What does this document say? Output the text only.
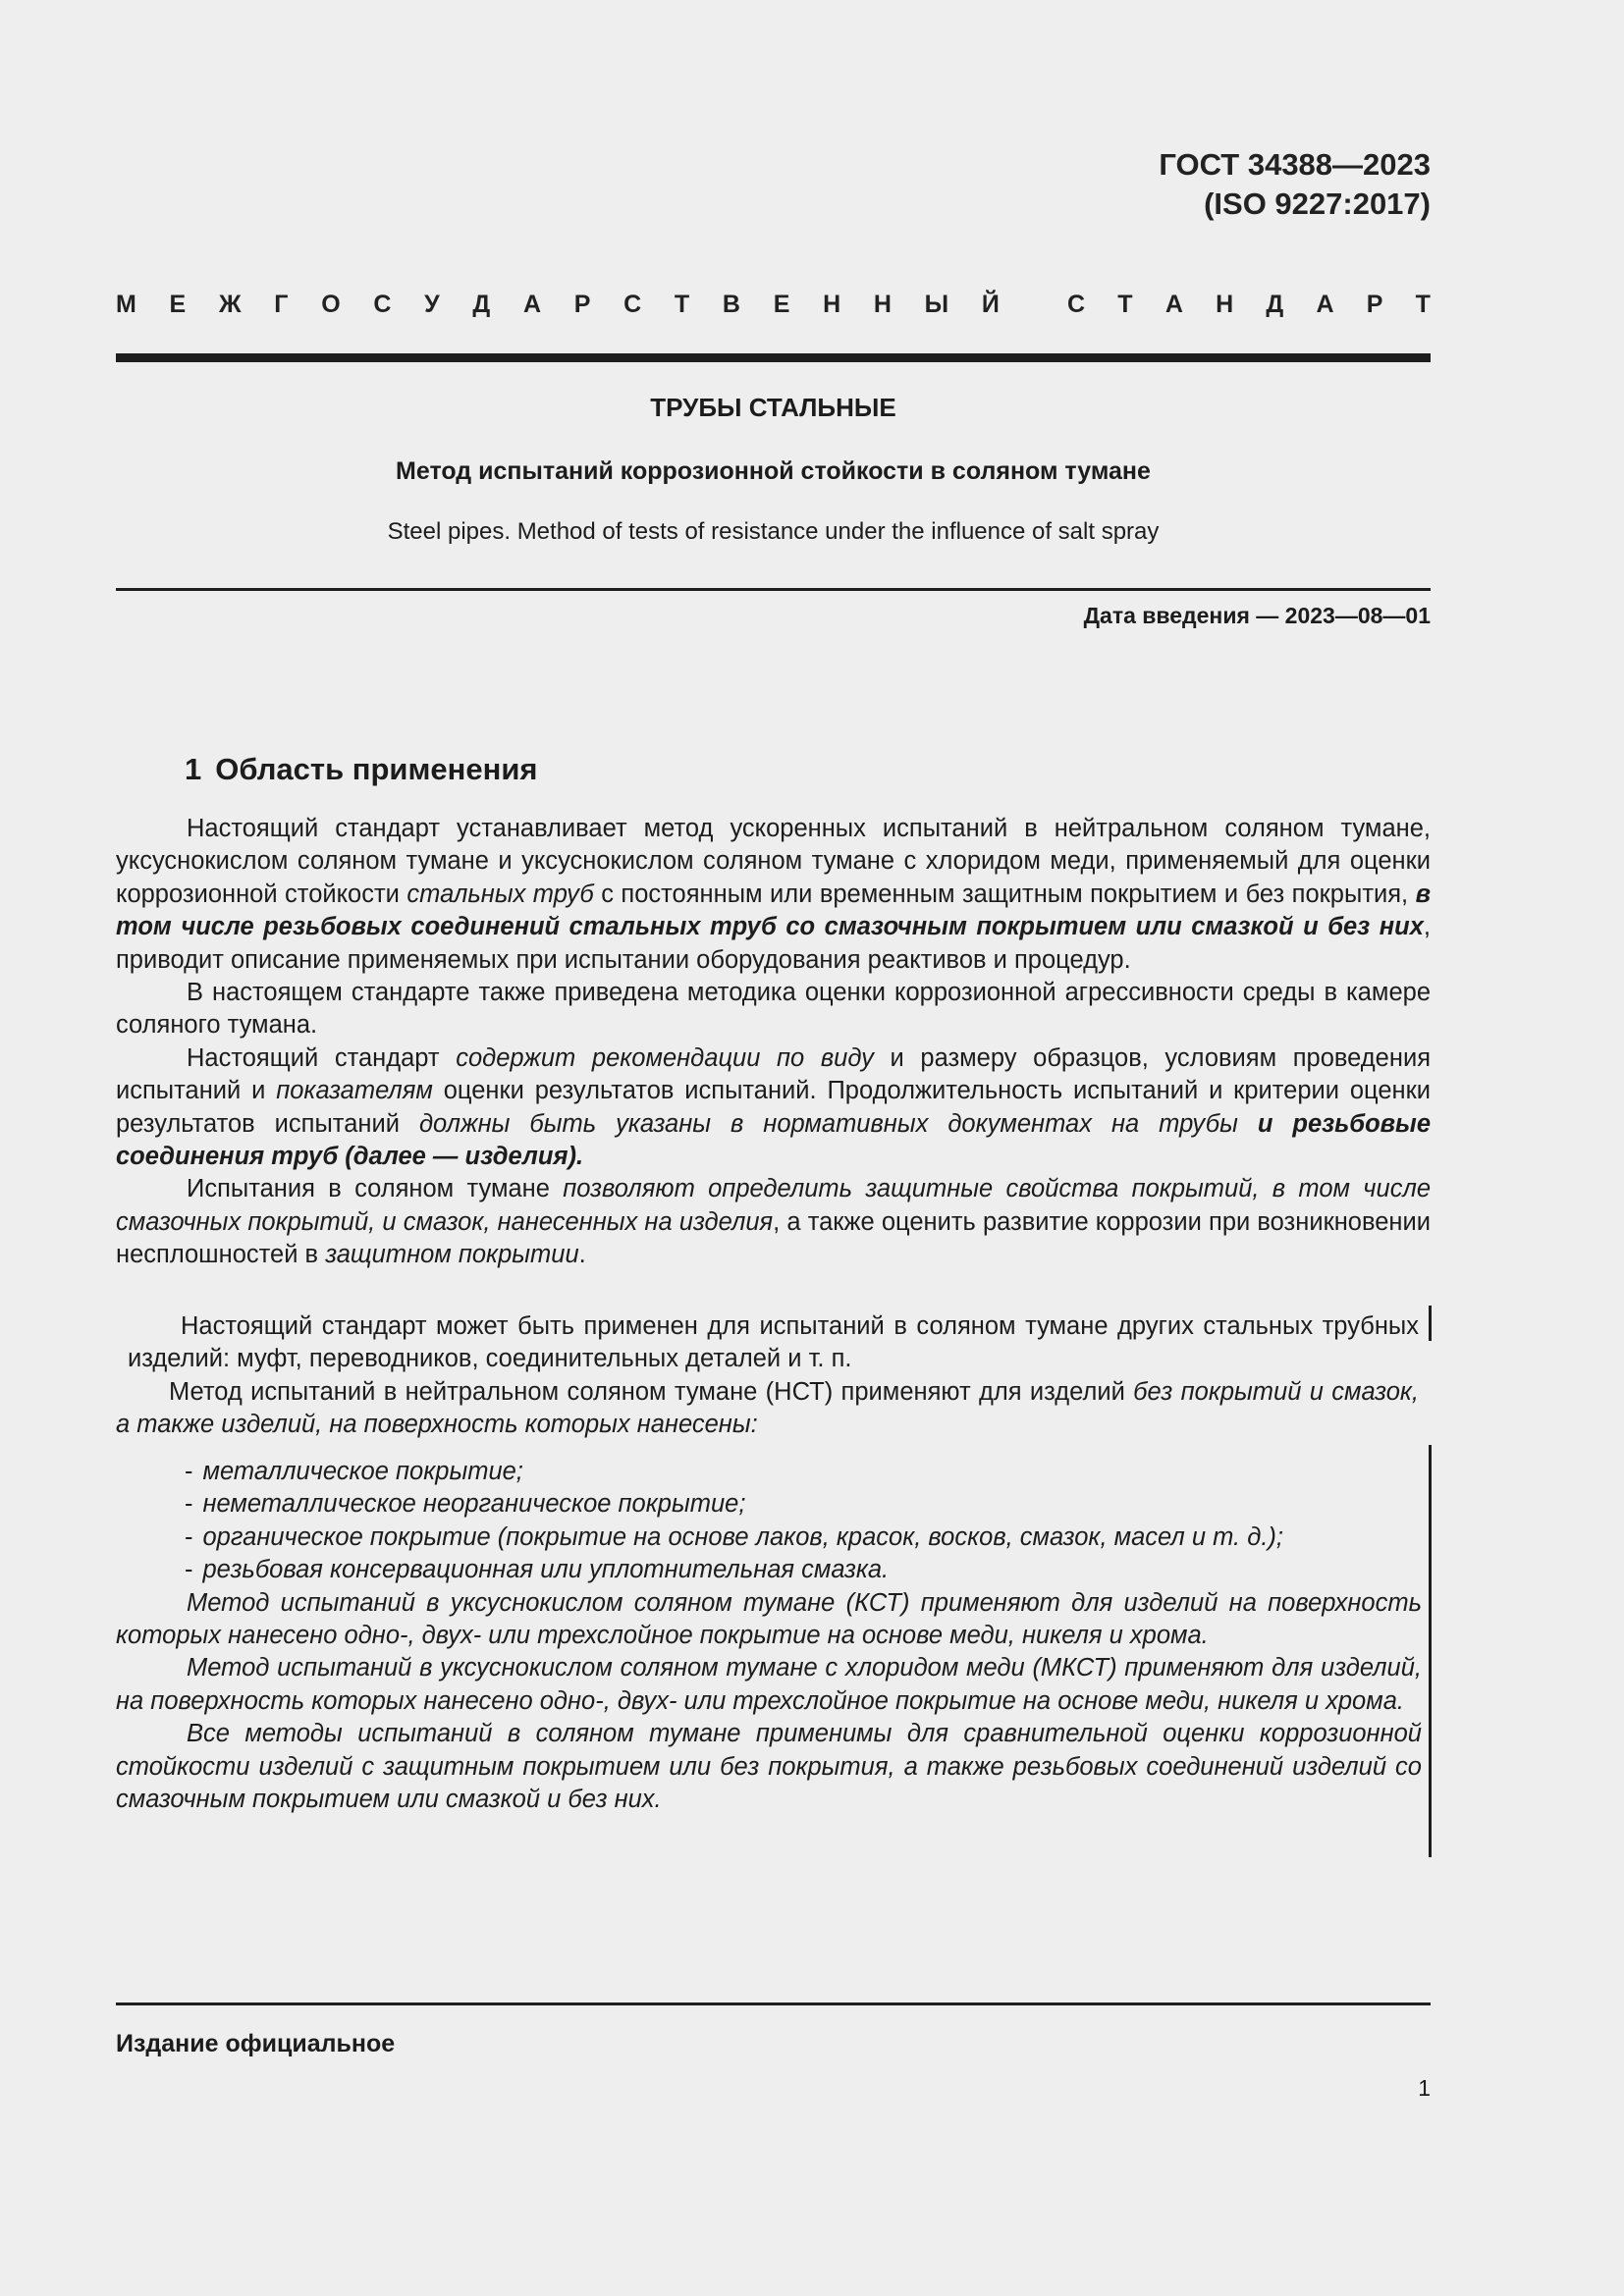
ГОСТ 34388—2023
(ISO 9227:2017)
М Е Ж Г О С У Д А Р С Т В Е Н Н Ы Й	С Т А Н Д А Р Т
ТРУБЫ СТАЛЬНЫЕ
Метод испытаний коррозионной стойкости в соляном тумане
Steel pipes. Method of tests of resistance under the influence of salt spray
Дата введения — 2023—08—01
1 Область применения

Настоящий стандарт устанавливает метод ускоренных испытаний в нейтральном соляном тумане, уксуснокислом соляном тумане и уксуснокислом соляном тумане с хлоридом меди, применяемый для оценки коррозионной стойкости стальных труб с постоянным или временным защитным покрытием и без покрытия, в том числе резьбовых соединений стальных труб со смазочным покрытием или смазкой и без них, приводит описание применяемых при испытании оборудования реактивов и процедур.

В настоящем стандарте также приведена методика оценки коррозионной агрессивности среды в камере соляного тумана.

Настоящий стандарт содержит рекомендации по виду и размеру образцов, условиям проведения испытаний и показателям оценки результатов испытаний. Продолжительность испытаний и критерии оценки результатов испытаний должны быть указаны в нормативных документах на трубы и резьбовые соединения труб (далее — изделия).

Испытания в соляном тумане позволяют определить защитные свойства покрытий, в том числе смазочных покрытий, и смазок, нанесенных на изделия, а также оценить развитие коррозии при возникновении несплошностей в защитном покрытии.

Настоящий стандарт может быть применен для испытаний в соляном тумане других стальных трубных изделий: муфт, переводников, соединительных деталей и т. п.

Метод испытаний в нейтральном соляном тумане (НСТ) применяют для изделий без покрытий и смазок, а также изделий, на поверхность которых нанесены:

- металлическое покрытие;

- неметаллическое неорганическое покрытие;

- органическое покрытие (покрытие на основе лаков, красок, восков, смазок, масел и т. д.);

- резьбовая консервационная или уплотнительная смазка.

Метод испытаний в уксуснокислом соляном тумане (КСТ) применяют для изделий на поверхность которых нанесено одно-, двух- или трехслойное покрытие на основе меди, никеля и хрома.

Метод испытаний в уксуснокислом соляном тумане с хлоридом меди (МКСТ) применяют для изделий, на поверхность которых нанесено одно-, двух- или трехслойное покрытие на основе меди, никеля и хрома.

Все методы испытаний в соляном тумане применимы для сравнительной оценки коррозионной стойкости изделий с защитным покрытием или без покрытия, а также резьбовых соединений изделий со смазочным покрытием или смазкой и без них.

Издание официальное
1
